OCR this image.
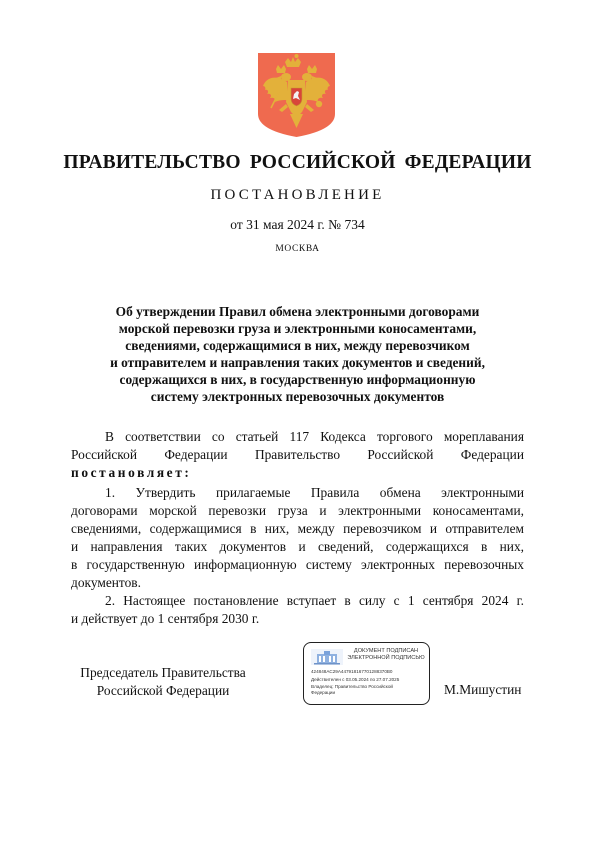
ПРАВИТЕЛЬСТВО РОССИЙСКОЙ ФЕДЕРАЦИИ
ПОСТАНОВЛЕНИЕ
от 31 мая 2024 г. № 734
МОСКВА
Об утверждении Правил обмена электронными договорами
морской перевозки груза и электронными коносаментами,
сведениями, содержащимися в них, между перевозчиком
и отправителем и направления таких документов и сведений,
содержащихся в них, в государственную информационную
систему электронных перевозочных документов
В соответствии со статьей 117 Кодекса торгового мореплавания
Российской Федерации Правительство Российской Федерации
постановляет:
1. Утвердить прилагаемые Правила обмена электронными
договорами морской перевозки груза и электронными коносаментами,
сведениями, содержащимися в них, между перевозчиком и отправителем
и направления таких документов и сведений, содержащихся в них,
в государственную информационную систему электронных перевозочных
документов.
2. Настоящее постановление вступает в силу с 1 сентября 2024 г.
и действует до 1 сентября 2030 г.
Председатель Правительства
Российской Федерации
ДОКУМЕНТ ПОДПИСАН
ЭЛЕКТРОННОЙ ПОДПИСЬЮ
424848AC29A447918167701288370B0
Действителен с 03.05.2024 по 27.07.2025
Владелец: Правительство Российской
Федерации	М.Мишустин
